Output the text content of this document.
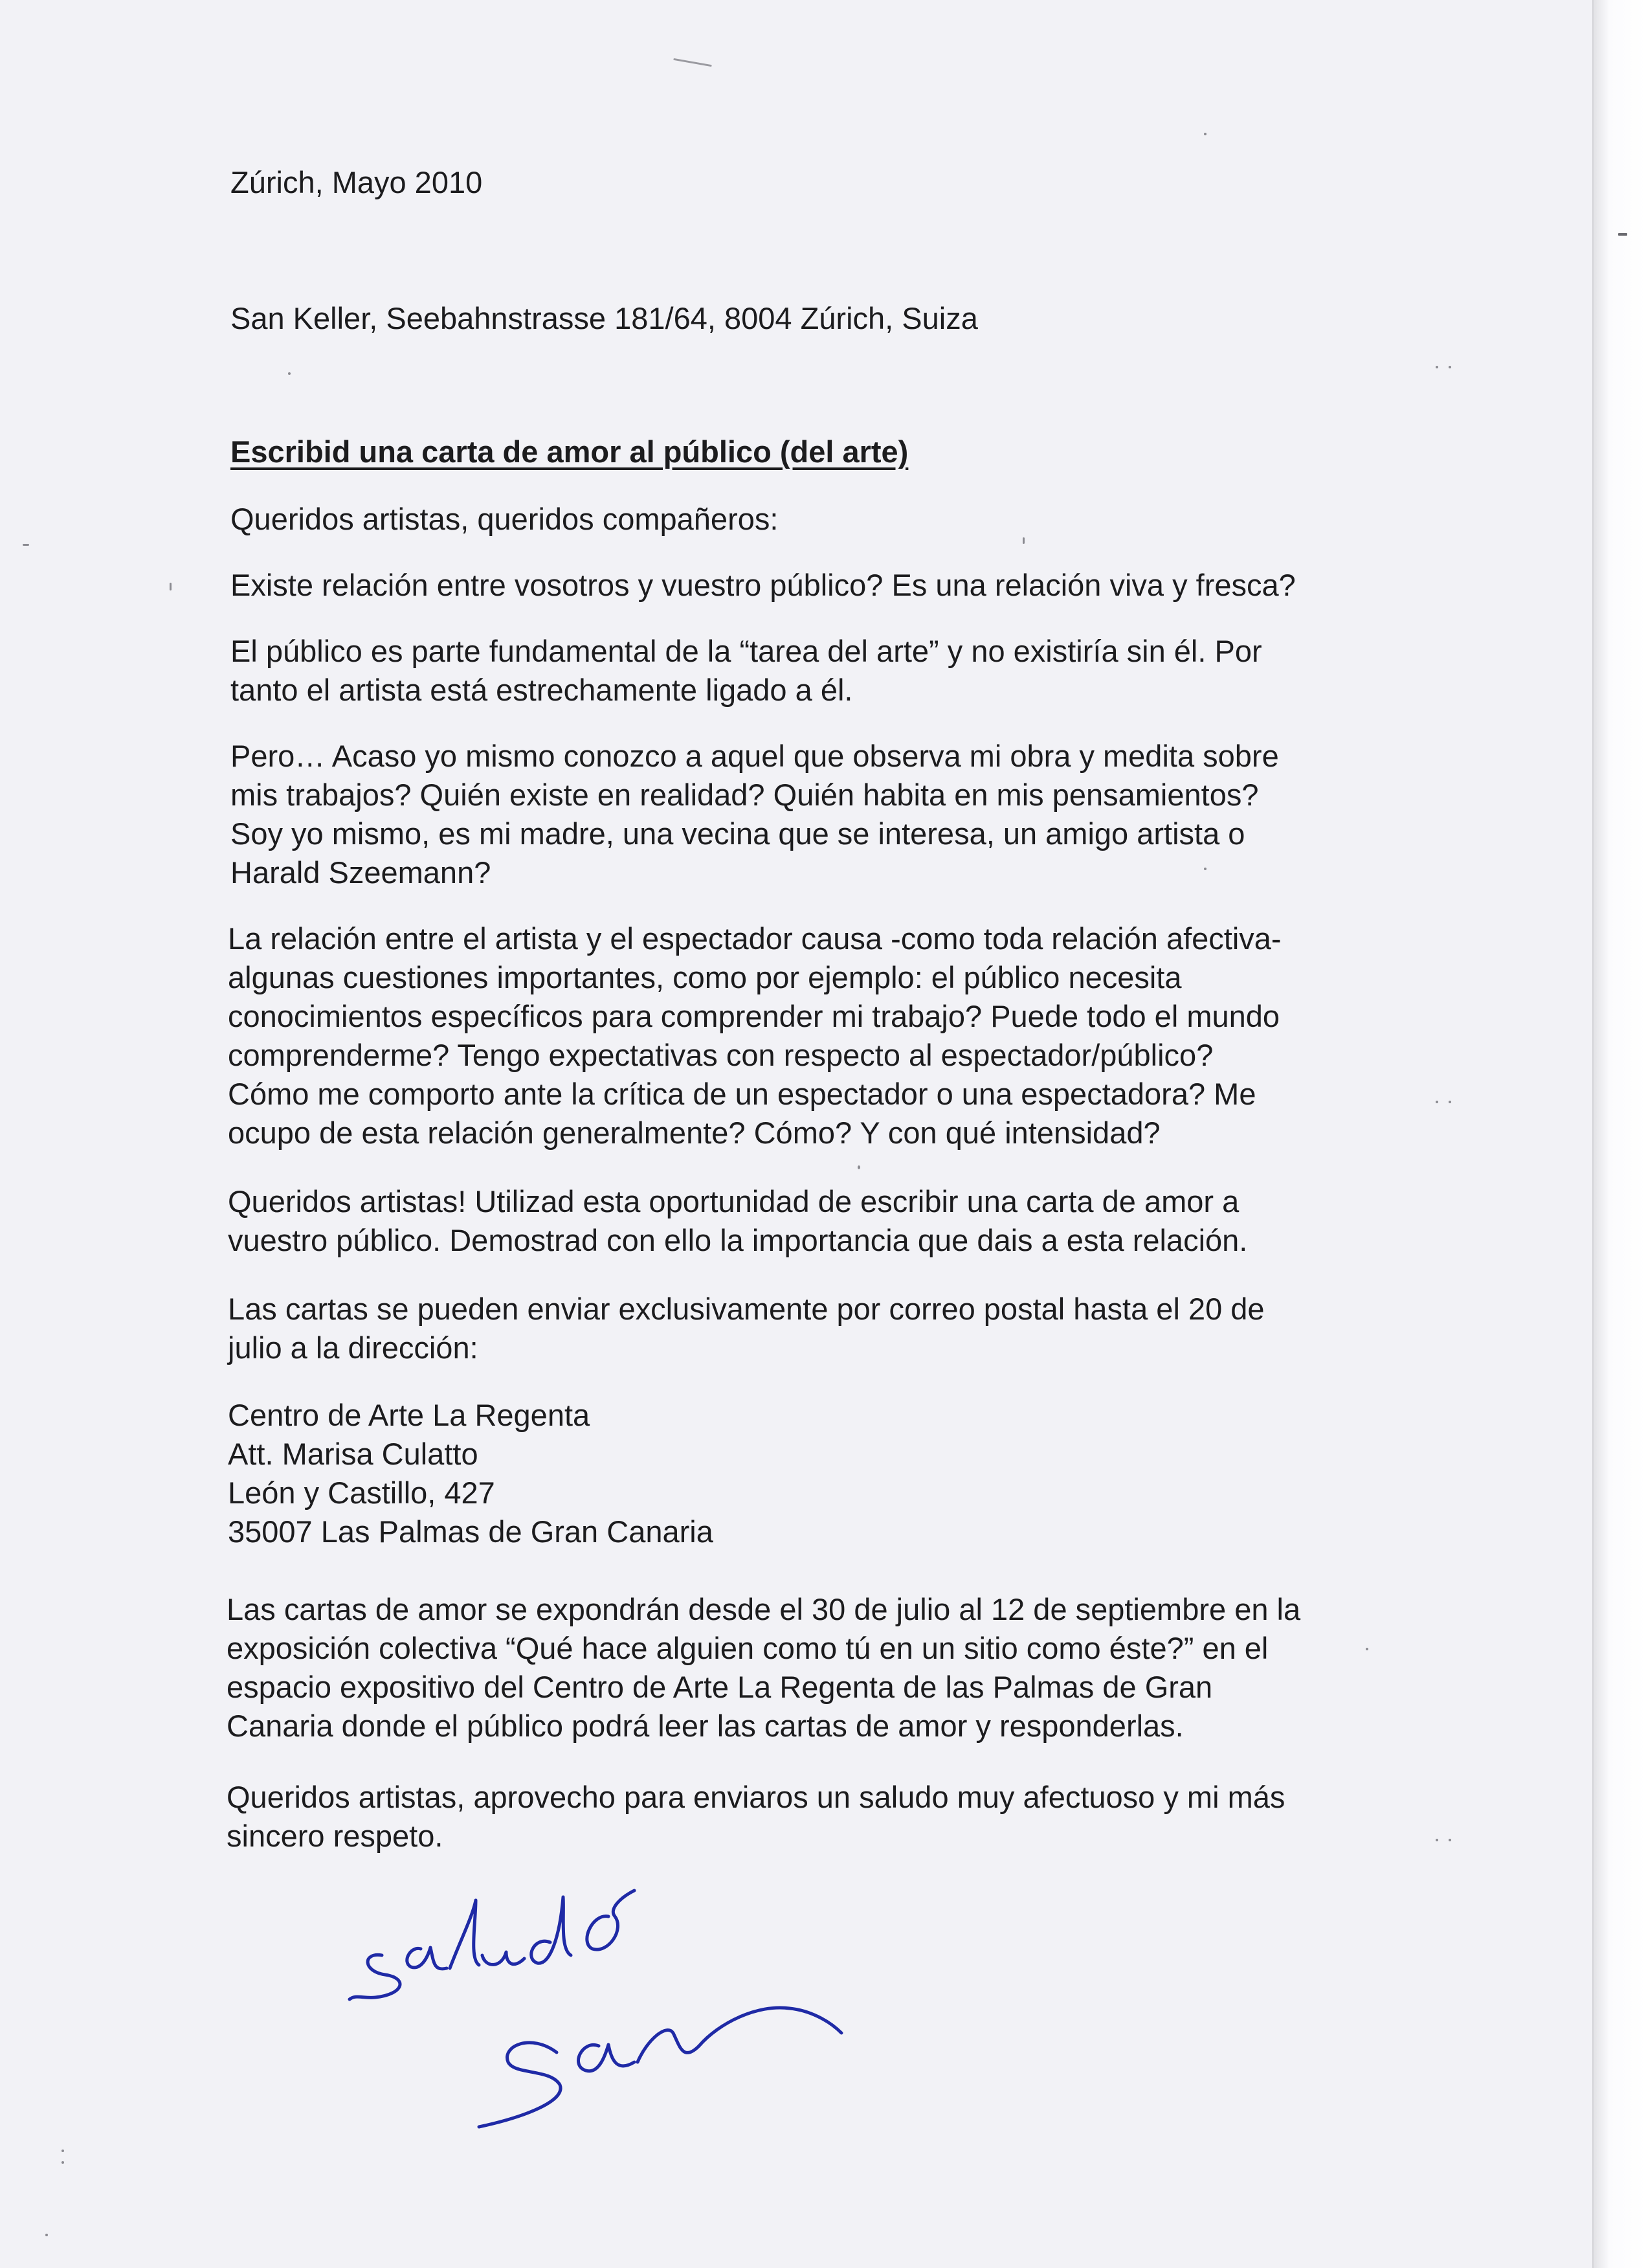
Zúrich, Mayo 2010

San Keller, Seebahnstrasse 181/64, 8004 Zúrich, Suiza

Escribid una carta de amor al público (del arte)

Queridos artistas, queridos compañeros:

Existe relación entre vosotros y vuestro público? Es una relación viva y fresca?

El público es parte fundamental de la “tarea del arte” y no existiría sin él. Por
tanto el artista está estrechamente ligado a él.

Pero… Acaso yo mismo conozco a aquel que observa mi obra y medita sobre
mis trabajos? Quién existe en realidad? Quién habita en mis pensamientos?
Soy yo mismo, es mi madre, una vecina que se interesa, un amigo artista o
Harald Szeemann?

La relación entre el artista y el espectador causa -como toda relación afectiva-
algunas cuestiones importantes, como por ejemplo: el público necesita
conocimientos específicos para comprender mi trabajo? Puede todo el mundo
comprenderme? Tengo expectativas con respecto al espectador/público?
Cómo me comporto ante la crítica de un espectador o una espectadora? Me
ocupo de esta relación generalmente? Cómo? Y con qué intensidad?

Queridos artistas! Utilizad esta oportunidad de escribir una carta de amor a
vuestro público. Demostrad con ello la importancia que dais a esta relación.

Las cartas se pueden enviar exclusivamente por correo postal hasta el 20 de
julio a la dirección:

Centro de Arte La Regenta
Att. Marisa Culatto
León y Castillo, 427
35007 Las Palmas de Gran Canaria

Las cartas de amor se expondrán desde el 30 de julio al 12 de septiembre en la
exposición colectiva “Qué hace alguien como tú en un sitio como éste?” en el
espacio expositivo del Centro de Arte La Regenta de las Palmas de Gran
Canaria donde el público podrá leer las cartas de amor y responderlas.

Queridos artistas, aprovecho para enviaros un saludo muy afectuoso y mi más
sincero respeto.
